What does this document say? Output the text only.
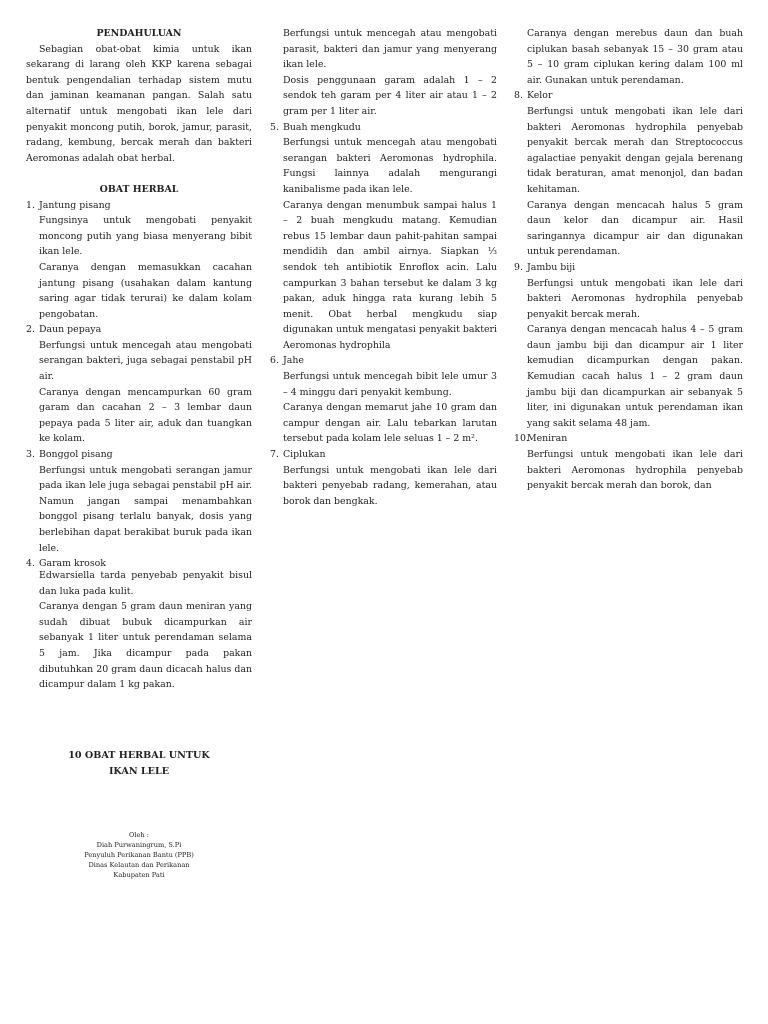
PENDAHULUAN
Sebagian obat-obat kimia untuk ikan sekarang di larang oleh KKP karena sebagai bentuk pengendalian terhadap sistem mutu dan jaminan keamanan pangan. Salah satu alternatif untuk mengobati ikan lele dari penyakit moncong putih, borok, jamur, parasit, radang, kembung, bercak merah dan bakteri Aeromonas adalah obat herbal.
OBAT HERBAL
1. Jantung pisang
Fungsinya untuk mengobati penyakit moncong putih yang biasa menyerang bibit ikan lele.
Caranya dengan memasukkan cacahan jantung pisang (usahakan dalam kantung saring agar tidak terurai) ke dalam kolam pengobatan.
2. Daun pepaya
Berfungsi untuk mencegah atau mengobati serangan bakteri, juga sebagai penstabil pH air.
Caranya dengan mencampurkan 60 gram garam dan cacahan 2 – 3 lembar daun pepaya pada 5 liter air, aduk dan tuangkan ke kolam.
3. Bonggol pisang
Berfungsi untuk mengobati serangan jamur pada ikan lele juga sebagai penstabil pH air. Namun jangan sampai menambahkan bonggol pisang terlalu banyak, dosis yang berlebihan dapat berakibat buruk pada ikan lele.
4. Garam krosok
Edwarsiella tarda penyebab penyakit bisul dan luka pada kulit.
Caranya dengan 5 gram daun meniran yang sudah dibuat bubuk dicampurkan air sebanyak 1 liter untuk perendaman selama 5 jam. Jika dicampur pada pakan dibutuhkan 20 gram daun dicacah halus dan dicampur dalam 1 kg pakan.
10 OBAT HERBAL UNTUK
IKAN LELE
Oleh :
Diah Purwaningrum, S.Pi
Penyuluh Perikanan Bantu (PPB)
Dinas Kelautan dan Perikanan
Kabupaten Pati
Berfungsi untuk mencegah atau mengobati parasit, bakteri dan jamur yang menyerang ikan lele.
Dosis penggunaan garam adalah 1 – 2 sendok teh garam per 4 liter air atau 1 – 2 gram per 1 liter air.
5. Buah mengkudu
Berfungsi untuk mencegah atau mengobati serangan bakteri Aeromonas hydrophila. Fungsi lainnya adalah mengurangi kanibalisme pada ikan lele.
Caranya dengan menumbuk sampai halus 1 – 2 buah mengkudu matang. Kemudian rebus 15 lembar daun pahit-pahitan sampai mendidih dan ambil airnya. Siapkan ⅓ sendok teh antibiotik Enroflox acin. Lalu campurkan 3 bahan tersebut ke dalam 3 kg pakan, aduk hingga rata kurang lebih 5 menit. Obat herbal mengkudu siap digunakan untuk mengatasi penyakit bakteri Aeromonas hydrophila
6. Jahe
Berfungsi untuk mencegah bibit lele umur 3 – 4 minggu dari penyakit kembung.
Caranya dengan memarut jahe 10 gram dan campur dengan air. Lalu tebarkan larutan tersebut pada kolam lele seluas 1 – 2 m².
7. Ciplukan
Berfungsi untuk mengobati ikan lele dari bakteri penyebab radang, kemerahan, atau borok dan bengkak.
Caranya dengan merebus daun dan buah ciplukan basah sebanyak 15 – 30 gram atau 5 – 10 gram ciplukan kering dalam 100 ml air. Gunakan untuk perendaman.
8. Kelor
Berfungsi untuk mengobati ikan lele dari bakteri Aeromonas hydrophila penyebab penyakit bercak merah dan Streptococcus agalactiae penyakit dengan gejala berenang tidak beraturan, amat menonjol, dan badan kehitaman.
Caranya dengan mencacah halus 5 gram daun kelor dan dicampur air. Hasil saringannya dicampur air dan digunakan untuk perendaman.
9. Jambu biji
Berfungsi untuk mengobati ikan lele dari bakteri Aeromonas hydrophila penyebab penyakit bercak merah.
Caranya dengan mencacah halus 4 – 5 gram daun jambu biji dan dicampur air 1 liter kemudian dicampurkan dengan pakan. Kemudian cacah halus 1 – 2 gram daun jambu biji dan dicampurkan air sebanyak 5 liter, ini digunakan untuk perendaman ikan yang sakit selama 48 jam.
10.
Meniran
Berfungsi untuk mengobati ikan lele dari bakteri Aeromonas hydrophila penyebab penyakit bercak merah dan borok, dan
